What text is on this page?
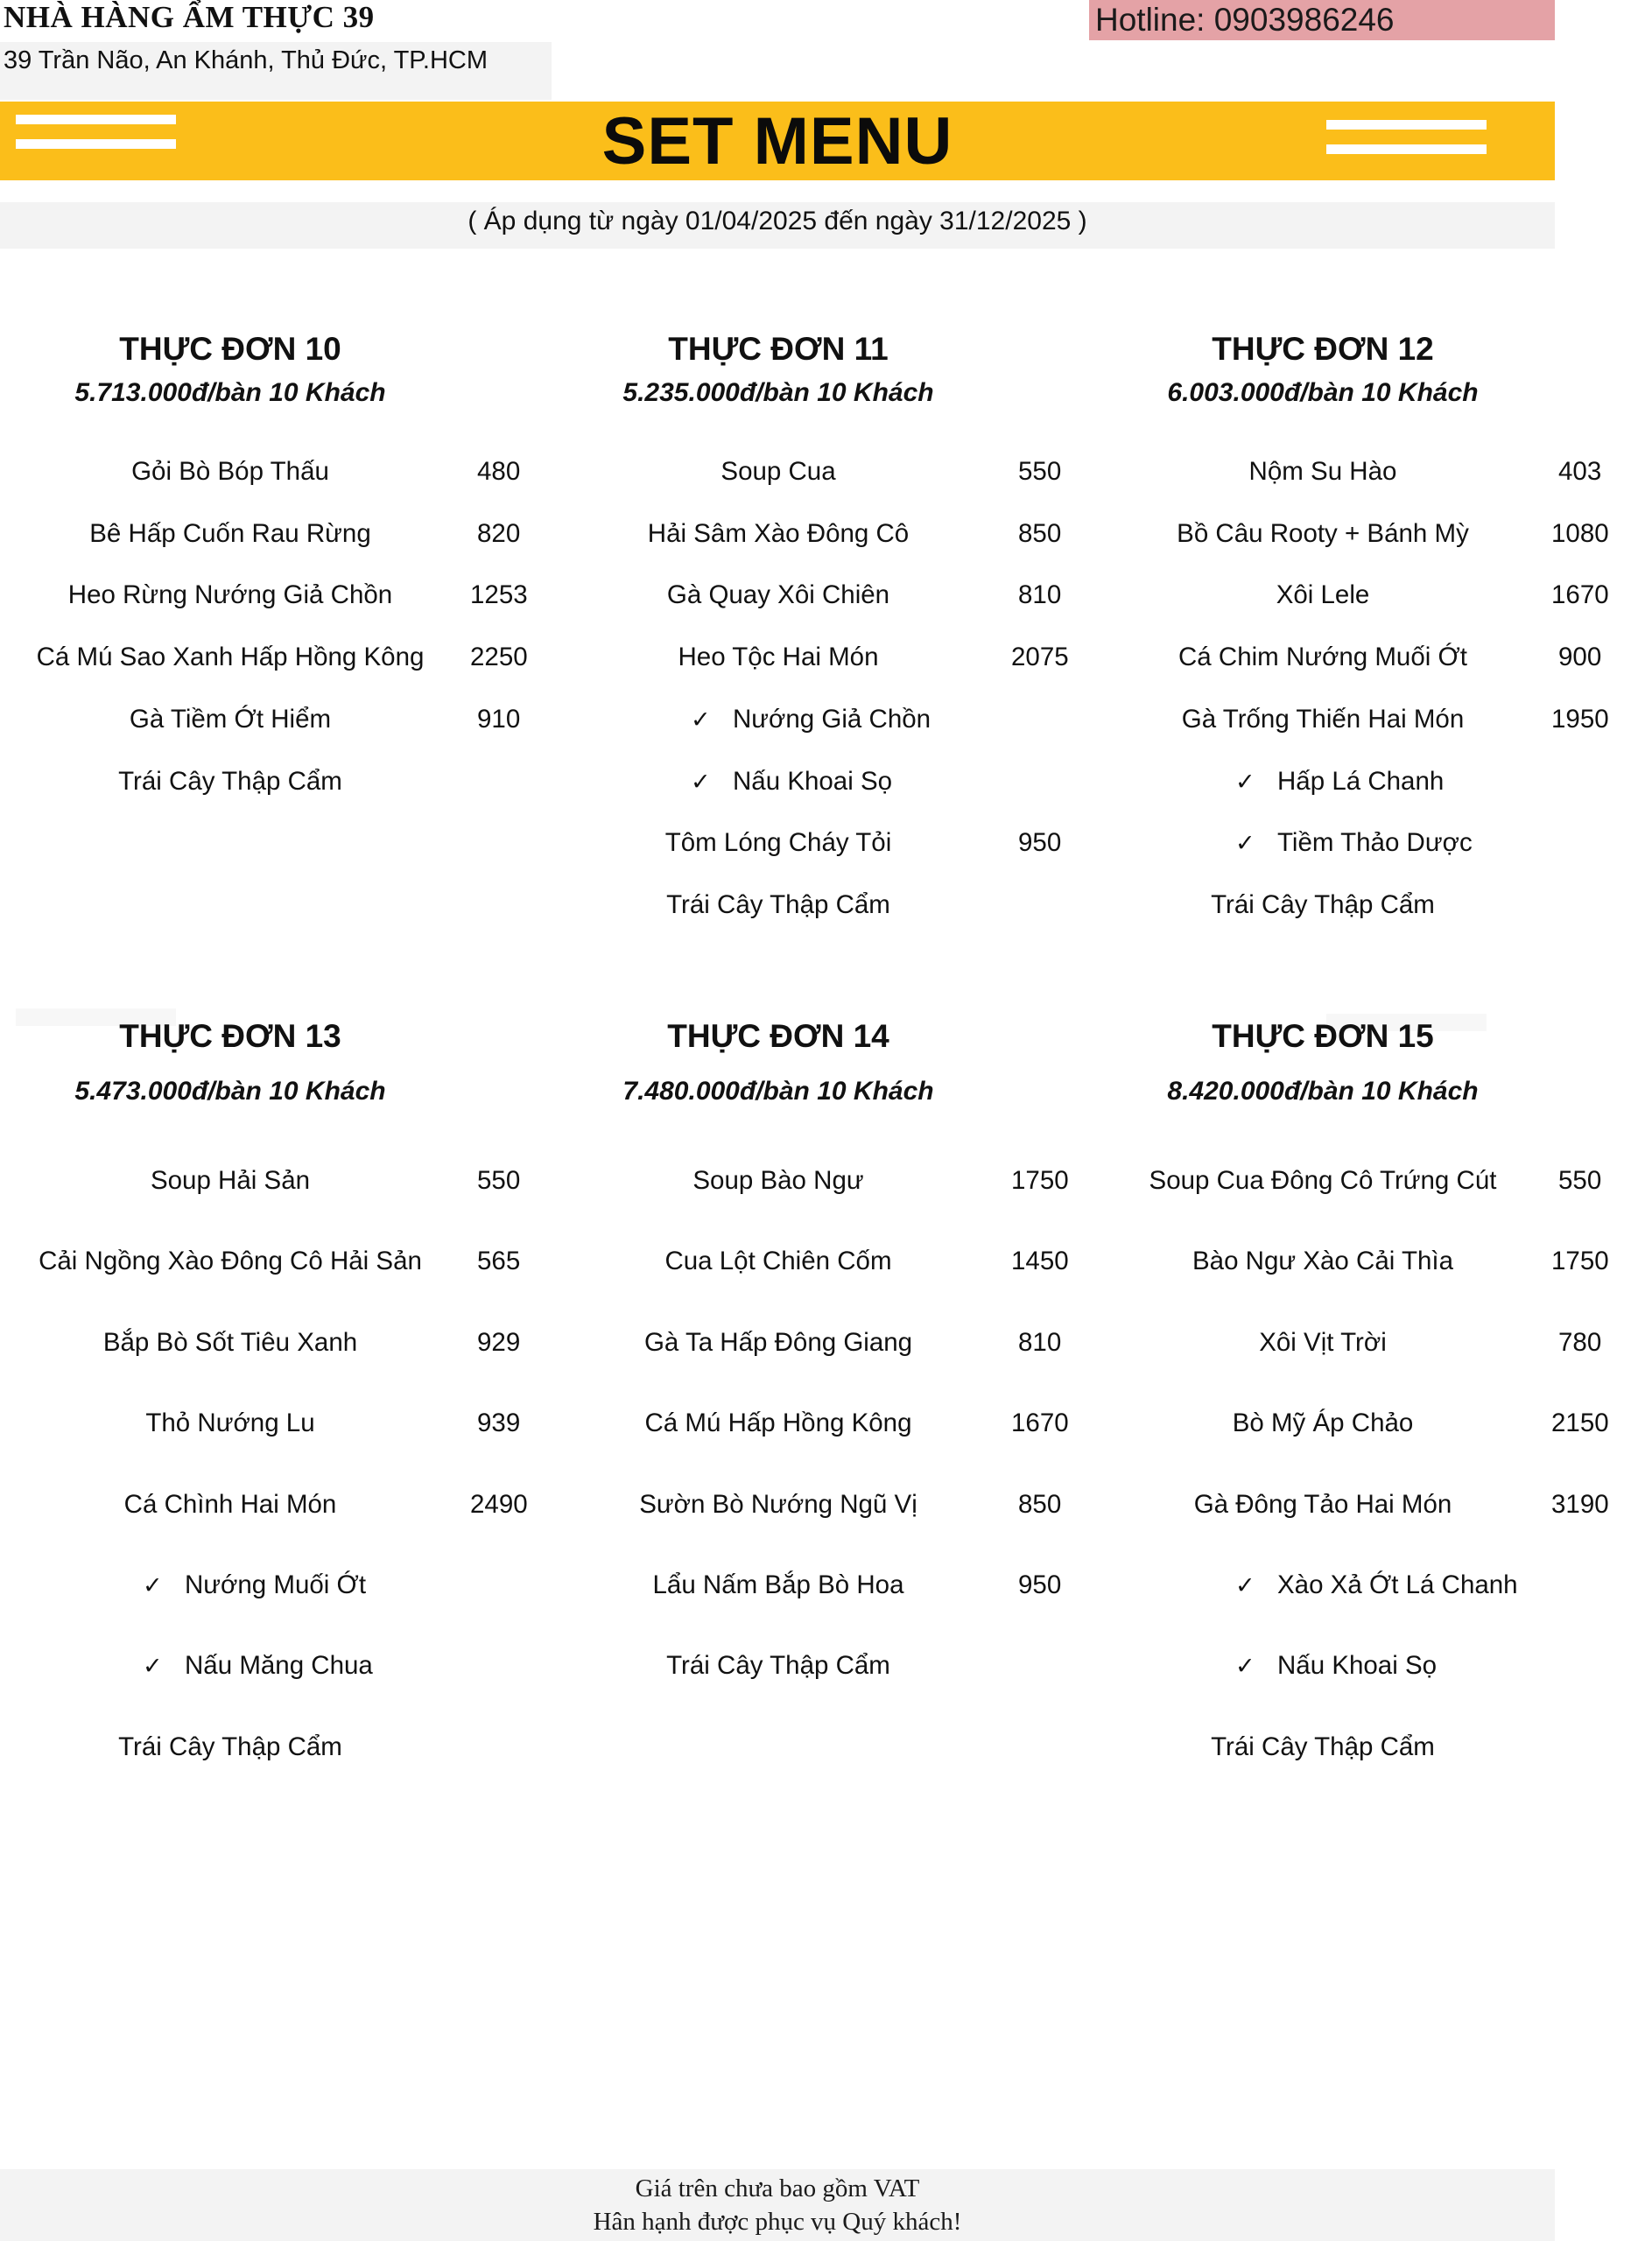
NHÀ HÀNG ẨM THỰC 39
39 Trần Não, An Khánh, Thủ Đức, TP.HCM
Hotline: 0903986246
SET MENU
( Áp dụng từ ngày 01/04/2025 đến ngày 31/12/2025 )
THỰC ĐƠN 10
5.713.000đ/bàn 10 Khách
Gỏi Bò Bóp Thấu	480
Bê Hấp Cuốn Rau Rừng	820
Heo Rừng Nướng Giả Chồn	1253
Cá Mú Sao Xanh Hấp Hồng Kông	2250
Gà Tiềm Ớt Hiểm	910
Trái Cây Thập Cẩm
THỰC ĐƠN 11
5.235.000đ/bàn 10 Khách
Soup Cua	550
Hải Sâm Xào Đông Cô	850
Gà Quay Xôi Chiên	810
Heo Tộc Hai Món	2075
✓ Nướng Giả Chồn
✓ Nấu Khoai Sọ
Tôm Lóng Cháy Tỏi	950
Trái Cây Thập Cẩm
THỰC ĐƠN 12
6.003.000đ/bàn 10 Khách
Nộm Su Hào	403
Bồ Câu Rooty + Bánh Mỳ	1080
Xôi Lele	1670
Cá Chim Nướng Muối Ớt	900
Gà Trống Thiến Hai Món	1950
✓ Hấp Lá Chanh
✓ Tiềm Thảo Dược
Trái Cây Thập Cẩm
THỰC ĐƠN 13
5.473.000đ/bàn 10 Khách
Soup Hải Sản	550
Cải Ngồng Xào Đông Cô Hải Sản	565
Bắp Bò Sốt Tiêu Xanh	929
Thỏ Nướng Lu	939
Cá Chình Hai Món	2490
✓ Nướng Muối Ớt
✓ Nấu Măng Chua
Trái Cây Thập Cẩm
THỰC ĐƠN 14
7.480.000đ/bàn 10 Khách
Soup Bào Ngư	1750
Cua Lột Chiên Cốm	1450
Gà Ta Hấp Đông Giang	810
Cá Mú Hấp Hồng Kông	1670
Sườn Bò Nướng Ngũ Vị	850
Lẩu Nấm Bắp Bò Hoa	950
Trái Cây Thập Cẩm
THỰC ĐƠN 15
8.420.000đ/bàn 10 Khách
Soup Cua Đông Cô Trứng Cút	550
Bào Ngư Xào Cải Thìa	1750
Xôi Vịt Trời	780
Bò Mỹ Áp Chảo	2150
Gà Đông Tảo Hai Món	3190
✓ Xào Xả Ớt Lá Chanh
✓ Nấu Khoai Sọ
Trái Cây Thập Cẩm
Giá trên chưa bao gồm VAT
Hân hạnh được phục vụ Quý khách!
